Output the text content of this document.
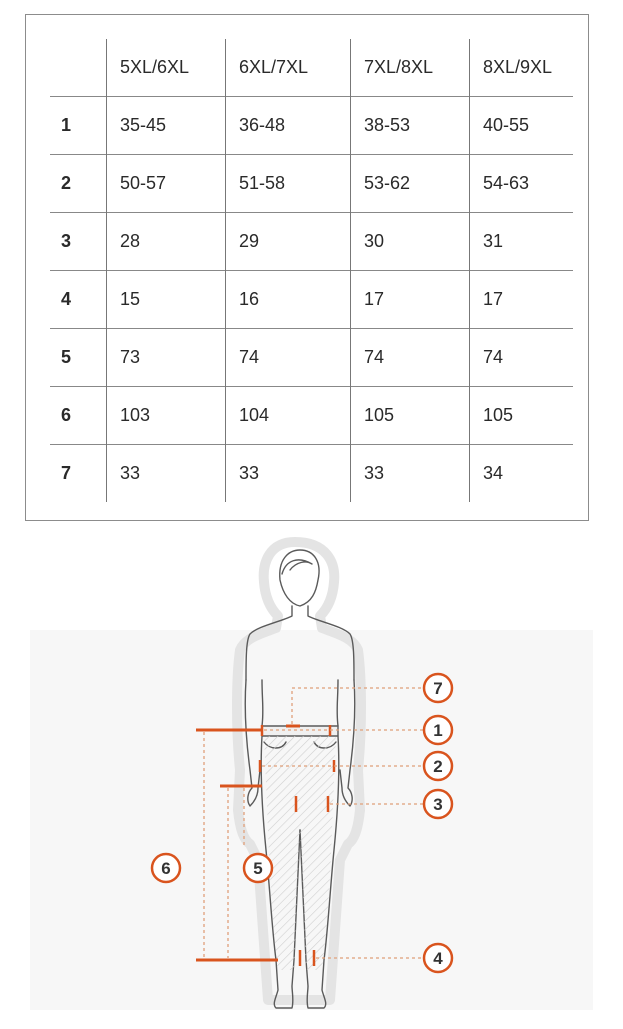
	5XL/6XL	6XL/7XL	7XL/8XL	8XL/9XL
1	35-45	36-48	38-53	40-55
2	50-57	51-58	53-62	54-63
3	28	29	30	31
4	15	16	17	17
5	73	74	74	74
6	103	104	105	105
7	33	33	33	34
7
1
2
3
4
5
6
